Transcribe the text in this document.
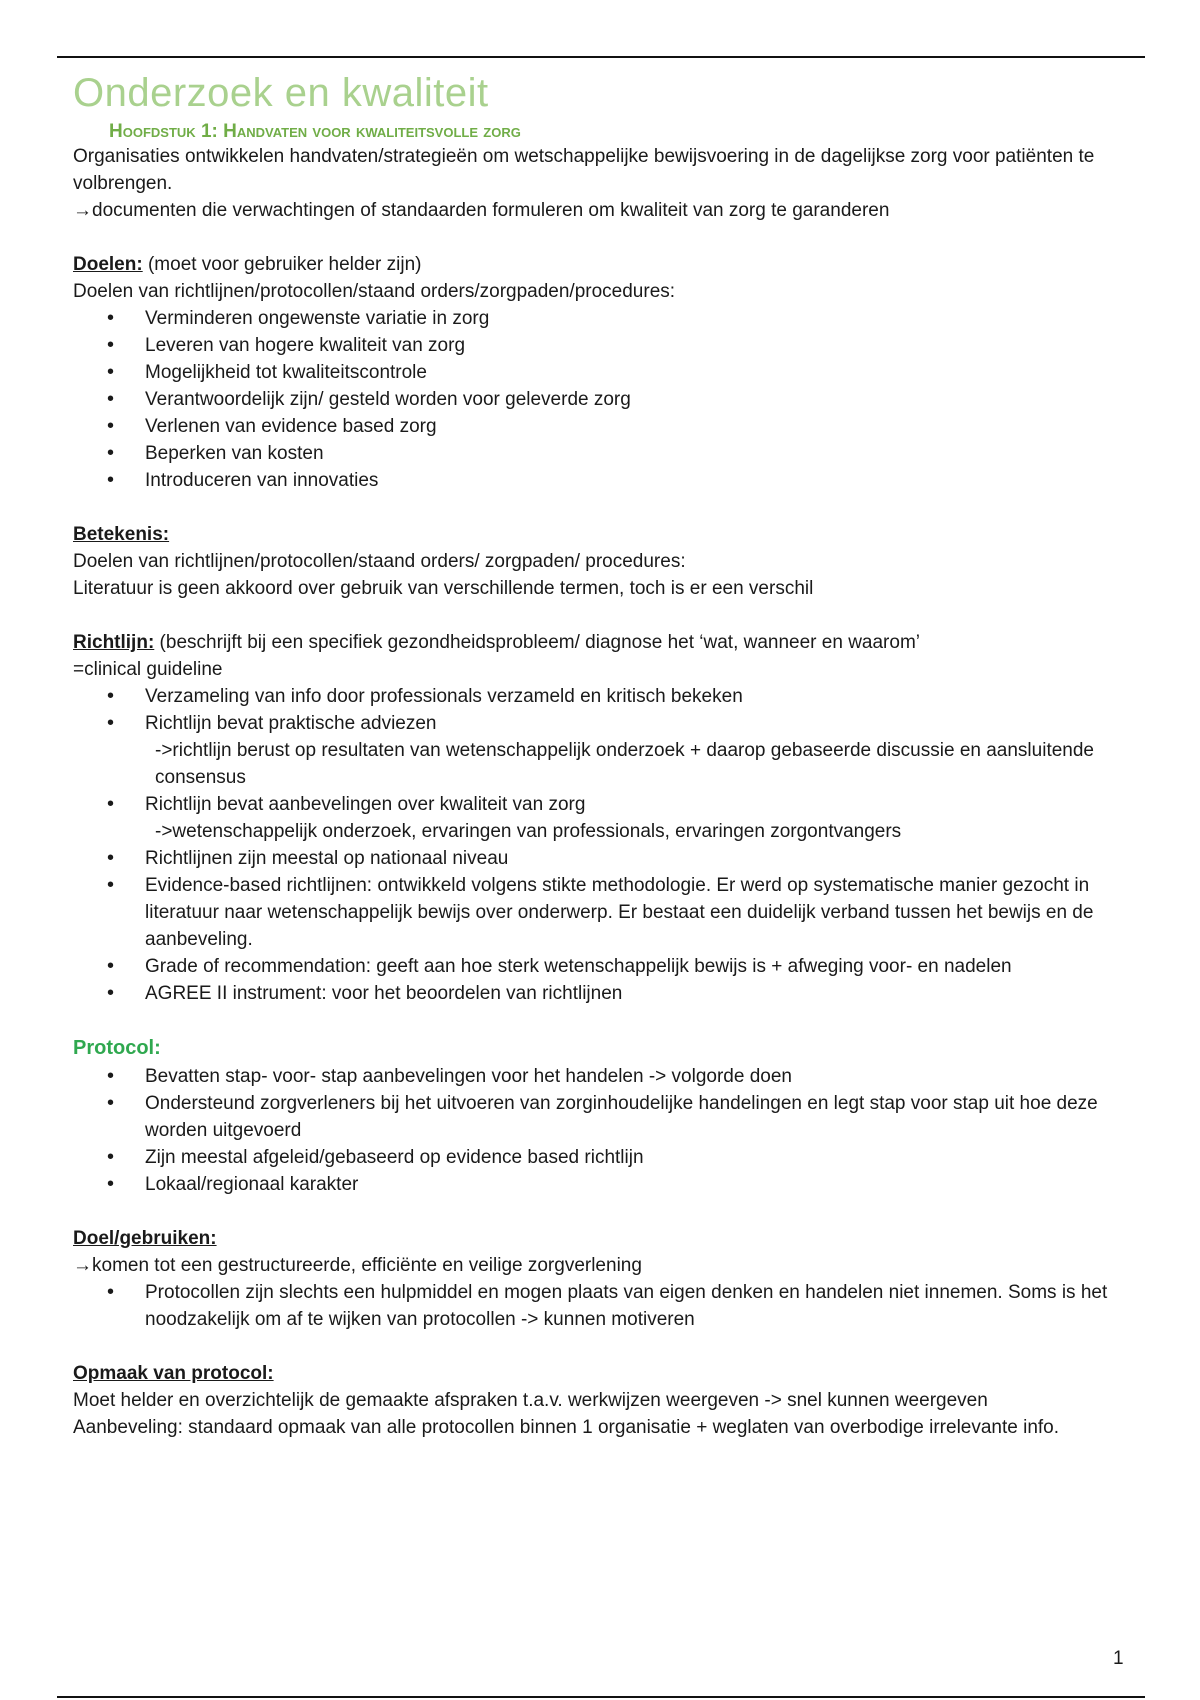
Onderzoek en kwaliteit
Hoofdstuk 1: Handvaten voor kwaliteitsvolle zorg

Organisaties ontwikkelen handvaten/strategieën om wetschappelijke bewijsvoering in de dagelijkse zorg voor patiënten te volbrengen.

→documenten die verwachtingen of standaarden formuleren om kwaliteit van zorg te garanderen

Doelen: (moet voor gebruiker helder zijn)

Doelen van richtlijnen/protocollen/staand orders/zorgpaden/procedures:

• Verminderen ongewenste variatie in zorg
• Leveren van hogere kwaliteit van zorg
• Mogelijkheid tot kwaliteitscontrole
• Verantwoordelijk zijn/ gesteld worden voor geleverde zorg
• Verlenen van evidence based zorg
• Beperken van kosten
• Introduceren van innovaties

Betekenis:

Doelen van richtlijnen/protocollen/staand orders/ zorgpaden/ procedures:

Literatuur is geen akkoord over gebruik van verschillende termen, toch is er een verschil

Richtlijn: (beschrijft bij een specifiek gezondheidsprobleem/ diagnose het ‘wat, wanneer en waarom’

=clinical guideline

• Verzameling van info door professionals verzameld en kritisch bekeken
• Richtlijn bevat praktische adviezen
->richtlijn berust op resultaten van wetenschappelijk onderzoek + daarop gebaseerde discussie en aansluitende consensus
• Richtlijn bevat aanbevelingen over kwaliteit van zorg
->wetenschappelijk onderzoek, ervaringen van professionals, ervaringen zorgontvangers
• Richtlijnen zijn meestal op nationaal niveau
• Evidence-based richtlijnen: ontwikkeld volgens stikte methodologie. Er werd op systematische manier gezocht in literatuur naar wetenschappelijk bewijs over onderwerp. Er bestaat een duidelijk verband tussen het bewijs en de aanbeveling.
• Grade of recommendation: geeft aan hoe sterk wetenschappelijk bewijs is + afweging voor- en nadelen
• AGREE II instrument: voor het beoordelen van richtlijnen

Protocol:

• Bevatten stap- voor- stap aanbevelingen voor het handelen -> volgorde doen
• Ondersteund zorgverleners bij het uitvoeren van zorginhoudelijke handelingen en legt stap voor stap uit hoe deze worden uitgevoerd
• Zijn meestal afgeleid/gebaseerd op evidence based richtlijn
• Lokaal/regionaal karakter

Doel/gebruiken:

→komen tot een gestructureerde, efficiënte en veilige zorgverlening

• Protocollen zijn slechts een hulpmiddel en mogen plaats van eigen denken en handelen niet innemen. Soms is het noodzakelijk om af te wijken van protocollen -> kunnen motiveren

Opmaak van protocol:

Moet helder en overzichtelijk de gemaakte afspraken t.a.v. werkwijzen weergeven -> snel kunnen weergeven

Aanbeveling: standaard opmaak van alle protocollen binnen 1 organisatie + weglaten van overbodige irrelevante info.

1
